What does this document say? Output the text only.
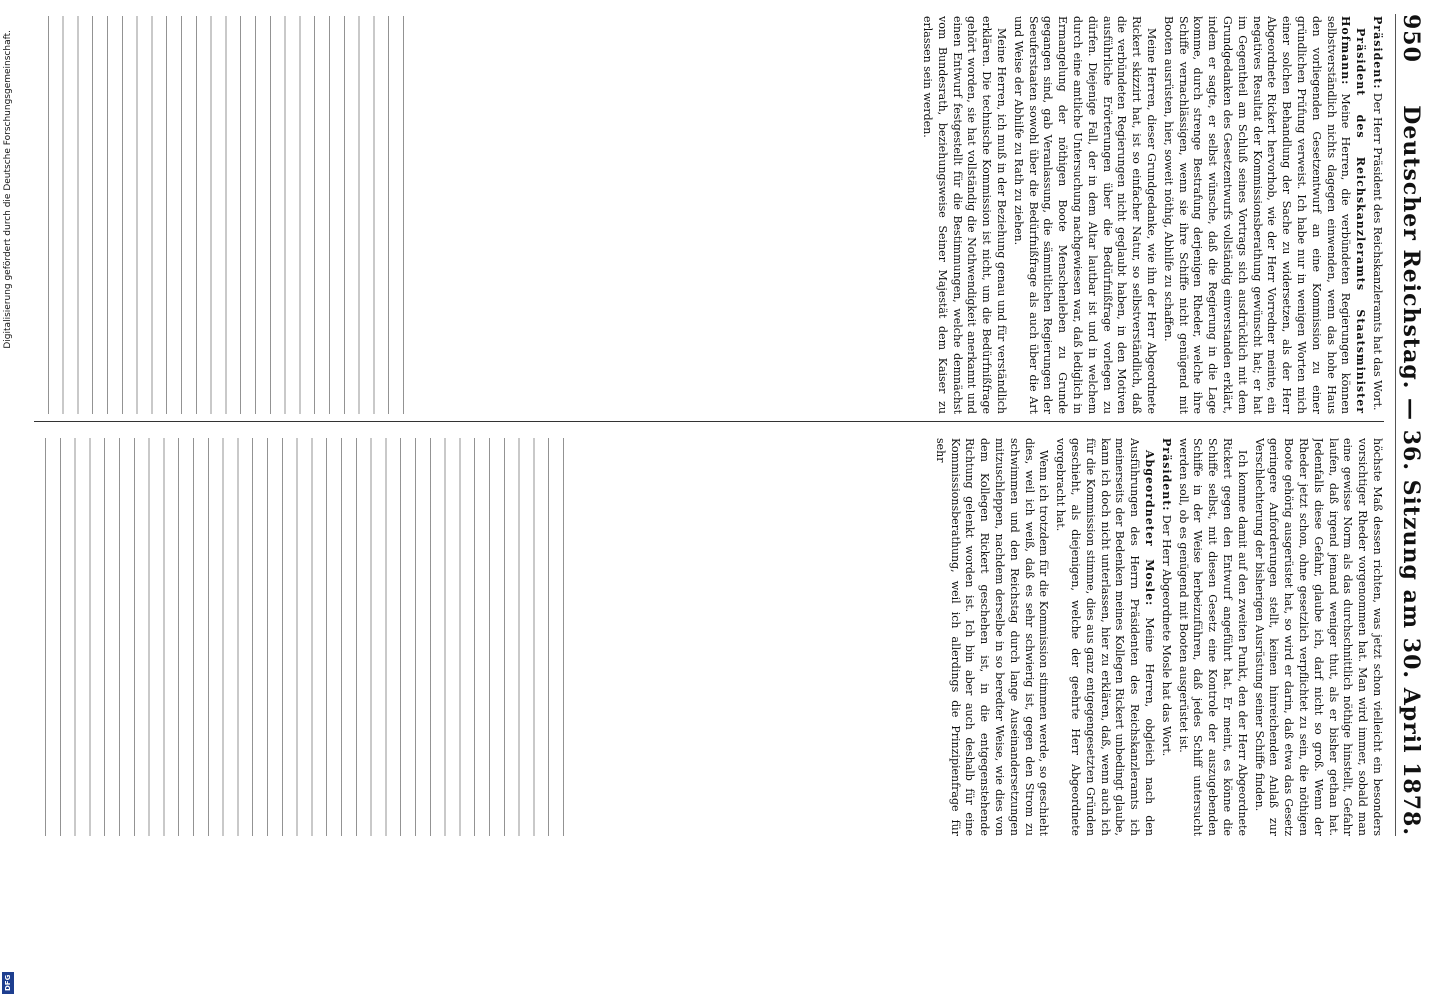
950
Deutscher Reichstag. — 36. Sitzung am 30. April 1878.

Präsident: Der Herr Präsident des Reichskanzleramts hat das Wort.

Präsident des Reichskanzleramts Staatsminister Hofmann: Meine Herren, die verbündeten Regierungen können selbstverständlich nichts dagegen einwenden, wenn das hohe Haus den vorliegenden Gesetzentwurf an eine Kommission zu einer gründlichen Prüfung verweist. Ich habe nur in wenigen Worten mich einer solchen Behandlung der Sache zu widersetzen, als der Herr Abgeordnete Rickert hervorhob, wie der Herr Vorredner meinte, ein negatives Resultat der Kommissionsberathung gewünscht hat; er hat im Gegentheil am Schluß seines Vortrags sich ausdrücklich mit dem Grundgedanken des Gesetzentwurfs vollständig einverstanden erklärt, indem er sagte, er selbst wünsche, daß die Regierung in die Lage komme, durch strenge Bestrafung derjenigen Rheder, welche ihre Schiffe vernachlässigen, wenn sie ihre Schiffe nicht genügend mit Booten ausrüsten, hier, soweit nöthig, Abhilfe zu schaffen.

Meine Herren, dieser Grundgedanke, wie ihn der Herr Abgeordnete Rickert skizzirt hat, ist so einfacher Natur, so selbstverständlich, daß die verbündeten Regierungen nicht geglaubt haben, in den Motiven ausführliche Erörterungen über die Bedürfnißfrage vorlegen zu dürfen. Diejenige Fall, der in dem Altar lautbar ist und in welchem durch eine amtliche Untersuchung nachgewiesen war, daß lediglich in Ermangelung der nöthigen Boote Menschenleben zu Grunde gegangen sind, gab Veranlassung, die sämmtlichen Regierungen der Seeuferstaaten sowohl über die Bedürfnißfrage als auch über die Art und Weise der Abhilfe zu Rath zu ziehen.

Meine Herren, ich muß in der Beziehung genau und für verständlich erklären. Die technische Kommission ist nicht, um die Bedürfnißfrage gehört worden, sie hat vollständig die Nothwendigkeit anerkannt und einen Entwurf festgestellt für die Bestimmungen, welche demnächst vom Bundesrath, beziehungsweise Seiner Majestät dem Kaiser zu erlassen sein werden.

höchste Maß dessen richten, was jetzt schon vielleicht ein besonders vorsichtiger Rheder vorgenommen hat. Man wird immer, sobald man eine gewisse Norm als das durchschnittlich nöthige hinstellt, Gefahr laufen, daß irgend jemand weniger thut, als er bisher gethan hat. Jedenfalls diese Gefahr, glaube ich, darf nicht so groß. Wenn der Rheder jetzt schon, ohne gesetzlich verpflichtet zu sein, die nöthigen Boote gehörig ausgerüstet hat, so wird er darin, daß etwa das Gesetz geringere Anforderungen stellt, keinen hinreichenden Anlaß zur Verschlechterung der bisherigen Ausrüstung seiner Schiffe finden.

Ich komme damit auf den zweiten Punkt, den der Herr Abgeordnete Rickert gegen den Entwurf angeführt hat. Er meint, es könne die Schiffe selbst, mit diesen Gesetz eine Kontrole der auszugebenden Schiffe in der Weise herbeizuführen, daß jedes Schiff untersucht werden soll, ob es genügend mit Booten ausgerüstet ist.

Präsident: Der Herr Abgeordnete Mosle hat das Wort.

Abgeordneter Mosle: Meine Herren, obgleich nach den Ausführungen des Herrn Präsidenten des Reichskanzleramts ich meinerseits der Bedenken meines Kollegen Rickert unbedingt glaube, kann ich doch nicht unterlassen, hier zu erklären, daß, wenn auch ich für die Kommission stimme, dies aus ganz entgegengesetzten Gründen geschieht, als diejenigen, welche der geehrte Herr Abgeordnete vorgebracht hat.

Wenn ich trotzdem für die Kommission stimmen werde, so geschieht dies, weil ich weiß, daß es sehr schwierig ist, gegen den Strom zu schwimmen und den Reichstag durch lange Auseinandersetzungen mitzuschleppen, nachdem derselbe in so beredter Weise, wie dies von dem Kollegen Rickert geschehen ist, in die entgegenstehende Richtung gelenkt worden ist. Ich bin aber auch deshalb für eine Kommissionsberathung, weil ich allerdings die Prinzipienfrage für sehr

Digitalisierung gefördert durch die Deutsche Forschungsgemeinschaft.
DFG
